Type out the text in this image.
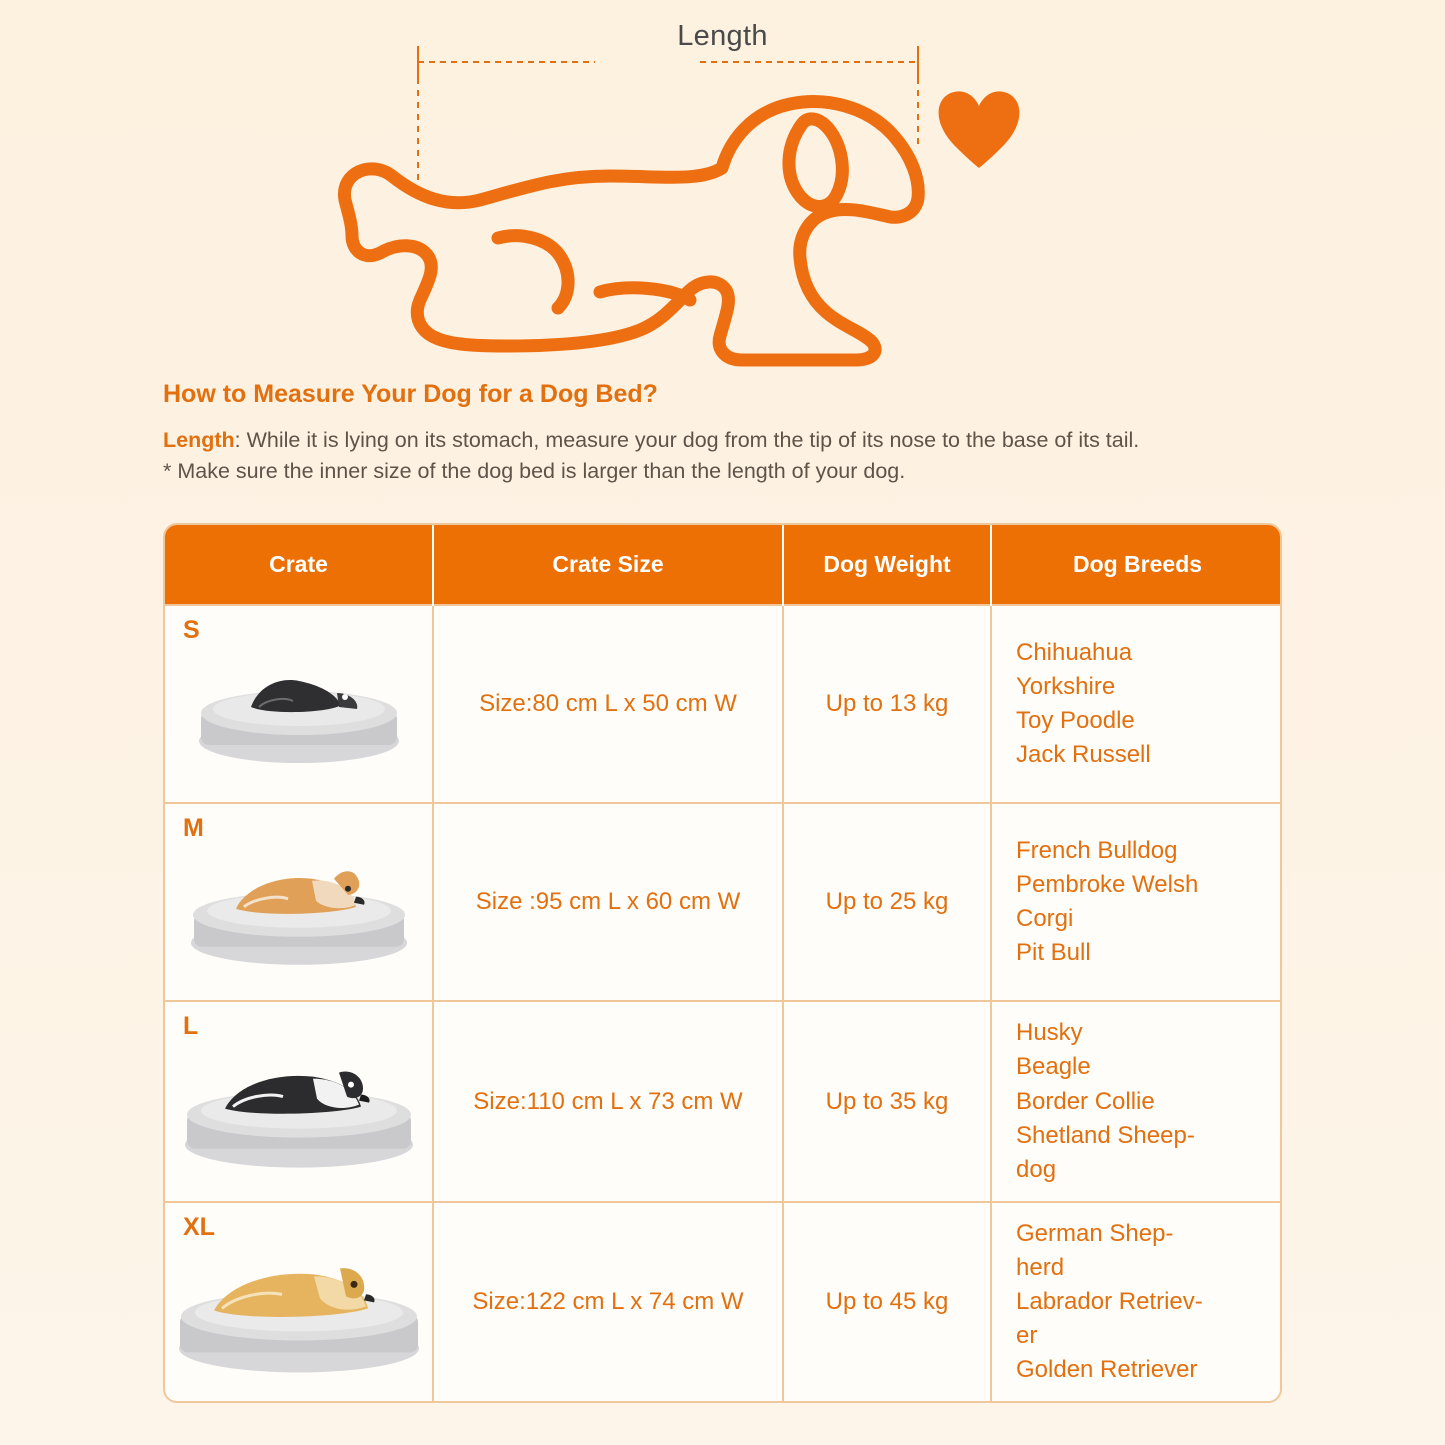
Length
How to Measure Your Dog for a Dog Bed?
Length: While it is lying on its stomach, measure your dog from the tip of its nose to the base of its tail.
* Make sure the inner size of the dog bed is larger than the length of your dog.
Crate	Crate Size	Dog Weight	Dog Breeds

S	Size:80 cm L x 50 cm W	Up to 13 kg	Chihuahua
Yorkshire
Toy Poodle
Jack Russell

M	Size :95 cm L x 60 cm W	Up to 25 kg	French Bulldog
Pembroke Welsh
Corgi
Pit Bull

L	Size:110 cm L x 73 cm W	Up to 35 kg	Husky
Beagle
Border Collie
Shetland Sheep-
dog

XL	Size:122 cm L x 74 cm W	Up to 45 kg	German Shep-
herd
Labrador Retriev-
er
Golden Retriever
